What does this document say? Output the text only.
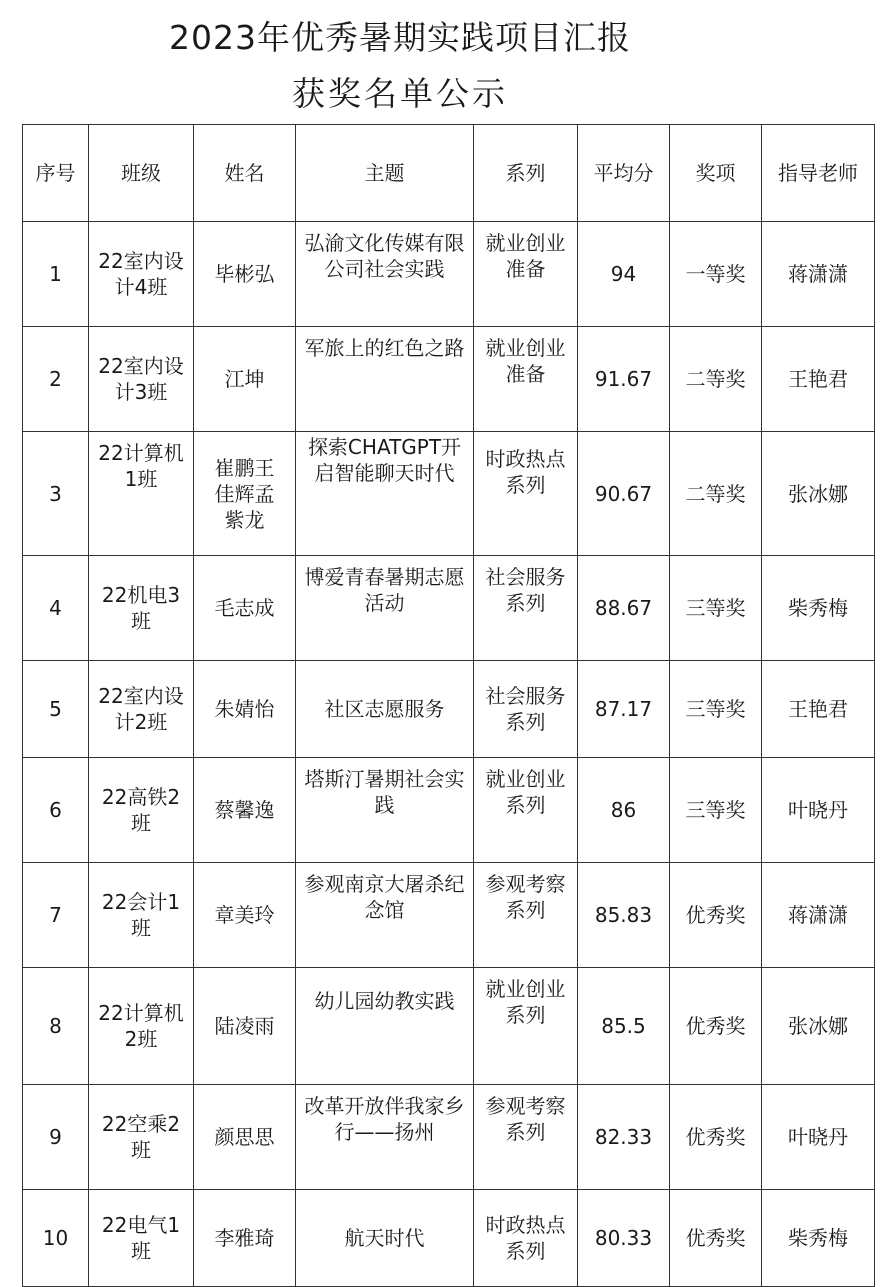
2023年优秀暑期实践项目汇报
获奖名单公示
序号	班级	姓名	主题	系列	平均分	奖项	指导老师
1	22室内设计4班	毕彬弘	弘渝文化传媒有限公司社会实践	就业创业准备	94	一等奖	蒋潇潇
2	22室内设计3班	江坤	军旅上的红色之路	就业创业准备	91.67	二等奖	王艳君
3	22计算机1班	崔鹏王佳辉孟紫龙	探索CHATGPT开启智能聊天时代	时政热点系列	90.67	二等奖	张冰娜
4	22机电3班	毛志成	博爱青春暑期志愿活动	社会服务系列	88.67	三等奖	柴秀梅
5	22室内设计2班	朱婧怡	社区志愿服务	社会服务系列	87.17	三等奖	王艳君
6	22高铁2班	蔡馨逸	塔斯汀暑期社会实践	就业创业系列	86	三等奖	叶晓丹
7	22会计1班	章美玲	参观南京大屠杀纪念馆	参观考察系列	85.83	优秀奖	蒋潇潇
8	22计算机2班	陆凌雨	幼儿园幼教实践	就业创业系列	85.5	优秀奖	张冰娜
9	22空乘2班	颜思思	改革开放伴我家乡行——扬州	参观考察系列	82.33	优秀奖	叶晓丹
10	22电气1班	李雅琦	航天时代	时政热点系列	80.33	优秀奖	柴秀梅
